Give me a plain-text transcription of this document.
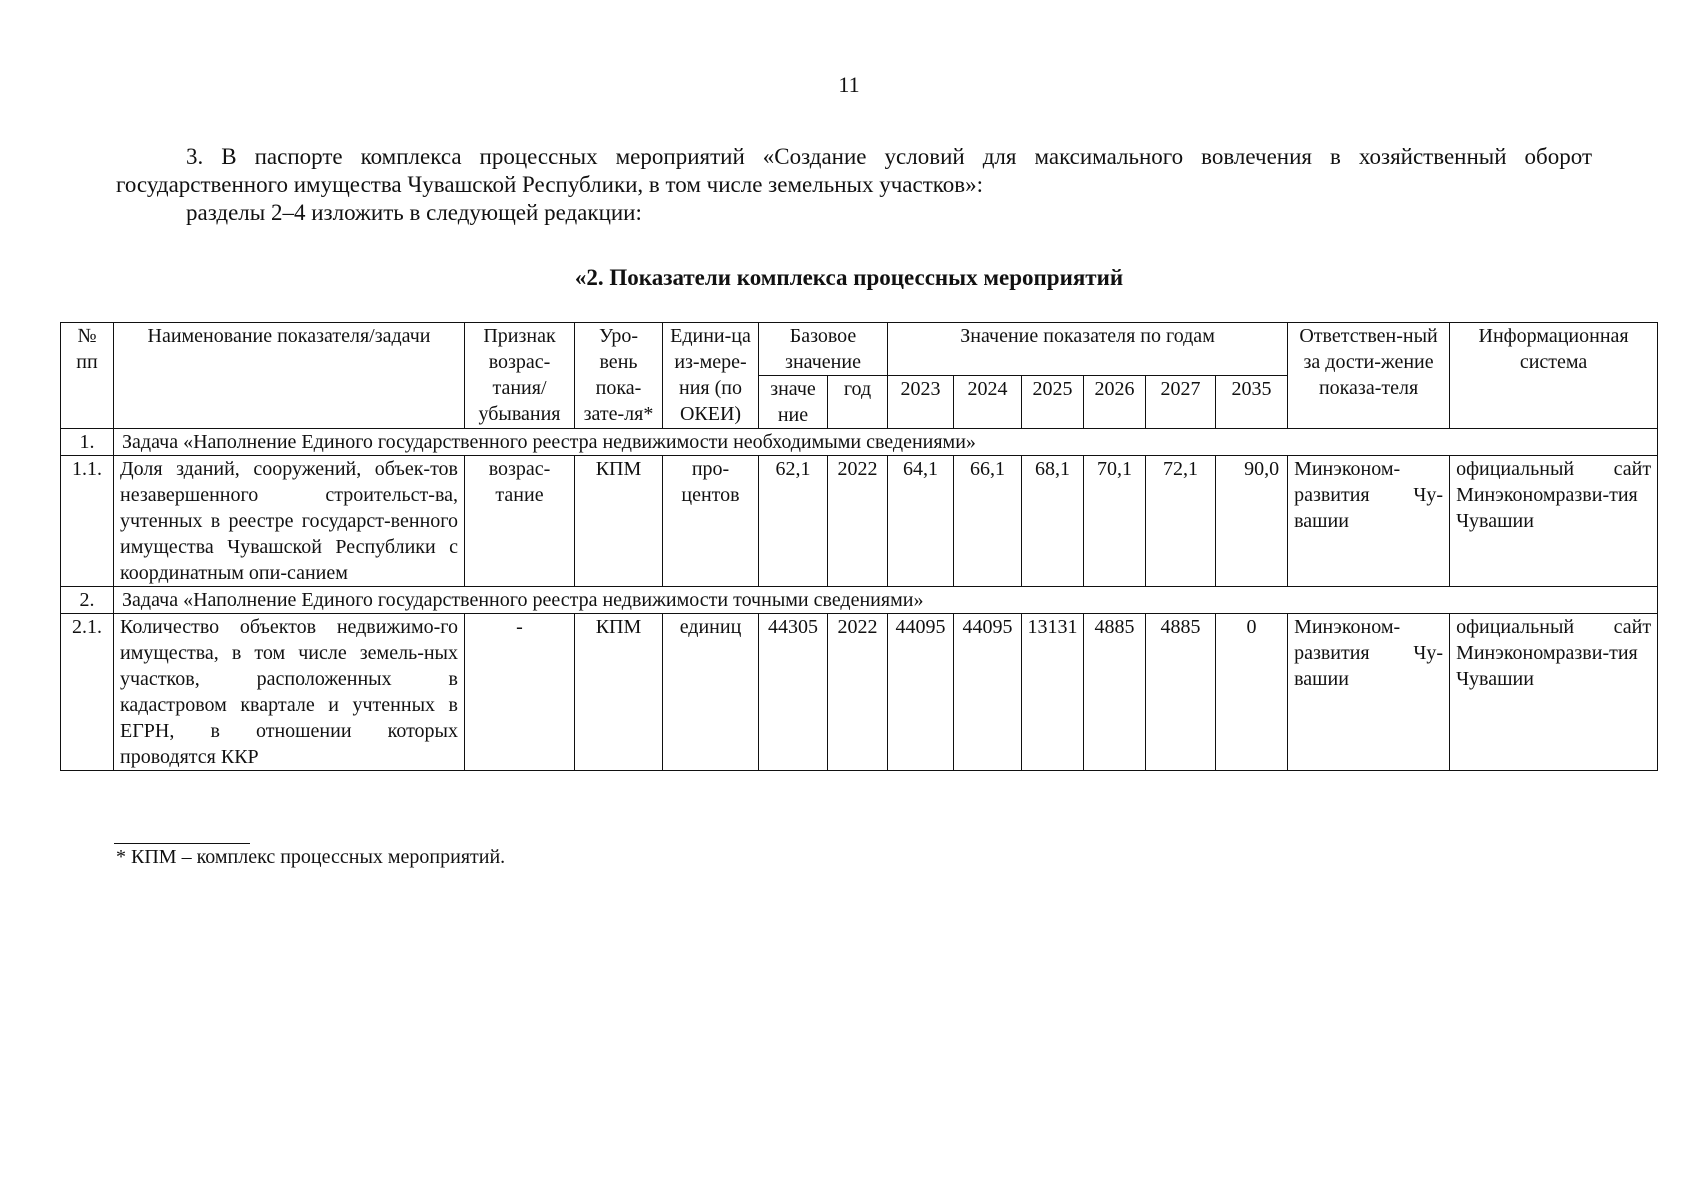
11

3. В паспорте комплекса процессных мероприятий «Создание условий для максимального вовлечения в хозяйственный оборот государственного имущества Чувашской Республики, в том числе земельных участков»:

разделы 2–4 изложить в следующей редакции:

«2. Показатели комплекса процессных мероприятий
№ пп	Наименование показателя/задачи	Признак возрас-тания/ убывания	Уро-вень пока-зате-ля*	Едини-ца из-мере-ния (по ОКЕИ)	Базовое значение		Значение показателя по годам						Ответствен-ный за дости-жение показа-теля	Информационная система
					значе ние	год	2023	2024	2025	2026	2027	2035		
1.	Задача «Наполнение Единого государственного реестра недвижимости необходимыми сведениями»													
1.1.	Доля зданий, сооружений, объек-тов незавершенного строительст-ва, учтенных в реестре государст-венного имущества Чувашской Республики с координатным опи-санием	возрас-тание	КПМ	про-центов	62,1	2022	64,1	66,1	68,1	70,1	72,1	90,0	Минэконом-развития Чу-вашии	официальный сайт Минэкономразви-тия Чувашии
2.	Задача «Наполнение Единого государственного реестра недвижимости точными сведениями»													
2.1.	Количество объектов недвижимо-го имущества, в том числе земель-ных участков, расположенных в кадастровом квартале и учтенных в ЕГРН, в отношении которых проводятся ККР	-	КПМ	единиц	44305	2022	44095	44095	13131	4885	4885	0	Минэконом-развития Чу-вашии	официальный сайт Минэкономразви-тия Чувашии
* КПМ – комплекс процессных мероприятий.
